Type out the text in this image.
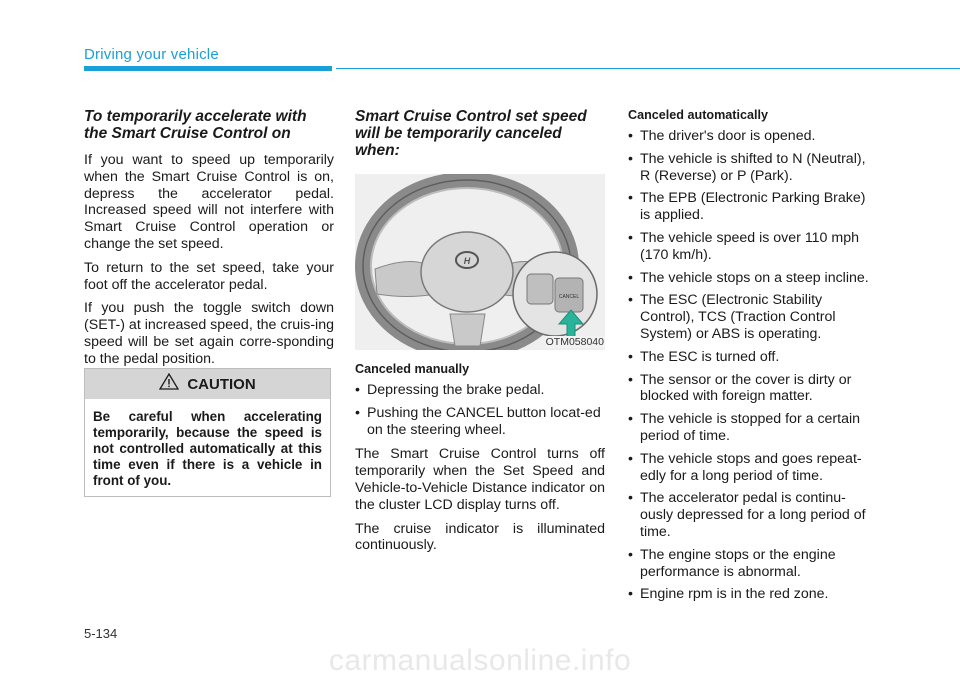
Driving your vehicle
To temporarily accelerate with the Smart Cruise Control on

If you want to speed up temporarily when the Smart Cruise Control is on, depress the accelerator pedal. Increased speed will not interfere with Smart Cruise Control operation or change the set speed.

To return to the set speed, take your foot off the accelerator pedal.

If you push the toggle switch down (SET-) at increased speed, the cruis-ing speed will be set again corre-sponding to the pedal position.

CAUTION
Be careful when accelerating temporarily, because the speed is not controlled automatically at this time even if there is a vehicle in front of you.
Smart Cruise Control set speed will be temporarily canceled when:
H
CANCEL
OTM058040
Canceled manually
• Depressing the brake pedal.
• Pushing the CANCEL button locat-ed on the steering wheel.

The Smart Cruise Control turns off temporarily when the Set Speed and Vehicle-to-Vehicle Distance indicator on the cluster LCD display turns off.

The cruise indicator is illuminated continuously.

Canceled automatically
• The driver's door is opened.
• The vehicle is shifted to N (Neutral), R (Reverse) or P (Park).
• The EPB (Electronic Parking Brake) is applied.
• The vehicle speed is over 110 mph (170 km/h).
• The vehicle stops on a steep incline.
• The ESC (Electronic Stability Control), TCS (Traction Control System) or ABS is operating.
• The ESC is turned off.
• The sensor or the cover is dirty or blocked with foreign matter.
• The vehicle is stopped for a certain period of time.
• The vehicle stops and goes repeat-edly for a long period of time.
• The accelerator pedal is continu-ously depressed for a long period of time.
• The engine stops or the engine performance is abnormal.
• Engine rpm is in the red zone.
5-134
carmanualsonline.info
